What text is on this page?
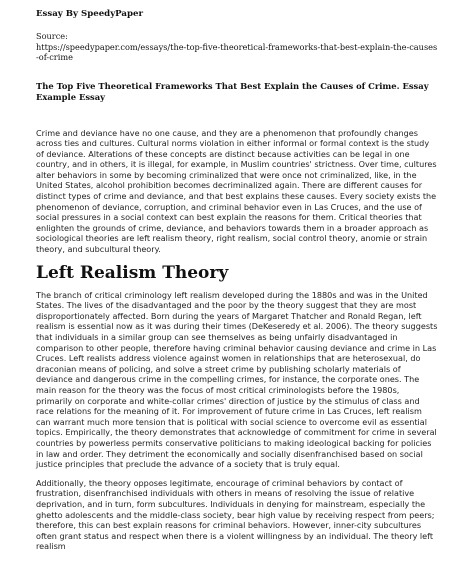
Essay By SpeedyPaper

Source:

https://speedypaper.com/essays/the-top-five-theoretical-frameworks-that-best-explain-the-causes-of-crime

The Top Five Theoretical Frameworks That Best Explain the Causes of Crime. Essay Example Essay

Crime and deviance have no one cause, and they are a phenomenon that profoundly changes across ties and cultures. Cultural norms violation in either informal or formal context is the study of deviance. Alterations of these concepts are distinct because activities can be legal in one country, and in others, it is illegal, for example, in Muslim countries' strictness. Over time, cultures alter behaviors in some by becoming criminalized that were once not criminalized, like, in the United States, alcohol prohibition becomes decriminalized again. There are different causes for distinct types of crime and deviance, and that best explains these causes. Every society exists the phenomenon of deviance, corruption, and criminal behavior even in Las Cruces, and the use of social pressures in a social context can best explain the reasons for them. Critical theories that enlighten the grounds of crime, deviance, and behaviors towards them in a broader approach as sociological theories are left realism theory, right realism, social control theory, anomie or strain theory, and subcultural theory.

Left Realism Theory

The branch of critical criminology left realism developed during the 1880s and was in the United States. The lives of the disadvantaged and the poor by the theory suggest that they are most disproportionately affected. Born during the years of Margaret Thatcher and Ronald Regan, left realism is essential now as it was during their times (DeKeseredy et al. 2006). The theory suggests that individuals in a similar group can see themselves as being unfairly disadvantaged in comparison to other people, therefore having criminal behavior causing deviance and crime in Las Cruces. Left realists address violence against women in relationships that are heterosexual, do draconian means of policing, and solve a street crime by publishing scholarly materials of deviance and dangerous crime in the compelling crimes, for instance, the corporate ones. The main reason for the theory was the focus of most critical criminologists before the 1980s, primarily on corporate and white-collar crimes' direction of justice by the stimulus of class and race relations for the meaning of it. For improvement of future crime in Las Cruces, left realism can warrant much more tension that is political with social science to overcome evil as essential topics. Empirically, the theory demonstrates that acknowledge of commitment for crime in several countries by powerless permits conservative politicians to making ideological backing for policies in law and order. They detriment the economically and socially disenfranchised based on social justice principles that preclude the advance of a society that is truly equal.

Additionally, the theory opposes legitimate, encourage of criminal behaviors by contact of frustration, disenfranchised individuals with others in means of resolving the issue of relative deprivation, and in turn, form subcultures. Individuals in denying for mainstream, especially the ghetto adolescents and the middle-class society, bear high value by receiving respect from peers; therefore, this can best explain reasons for criminal behaviors. However, inner-city subcultures often grant status and respect when there is a violent willingness by an individual. The theory left realism
